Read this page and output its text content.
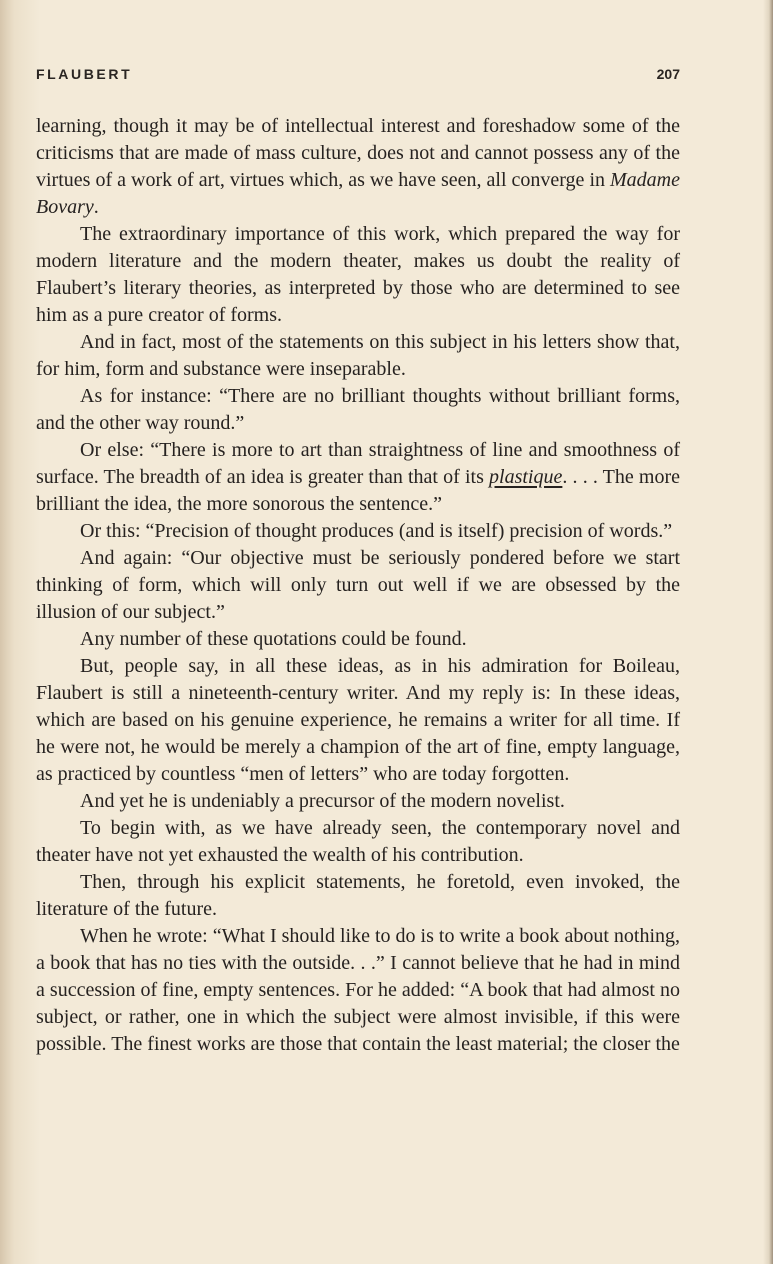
FLAUBERT	207

learning, though it may be of intellectual interest and foreshadow some of the criticisms that are made of mass culture, does not and cannot possess any of the virtues of a work of art, virtues which, as we have seen, all converge in Madame Bovary.

The extraordinary importance of this work, which prepared the way for modern literature and the modern theater, makes us doubt the reality of Flaubert’s literary theories, as interpreted by those who are determined to see him as a pure creator of forms.

And in fact, most of the statements on this subject in his letters show that, for him, form and substance were inseparable.

As for instance: “There are no brilliant thoughts without brilliant forms, and the other way round.”

Or else: “There is more to art than straightness of line and smoothness of surface. The breadth of an idea is greater than that of its plastique. . . . The more brilliant the idea, the more sonorous the sentence.”

Or this: “Precision of thought produces (and is itself) precision of words.”

And again: “Our objective must be seriously pondered before we start thinking of form, which will only turn out well if we are obsessed by the illusion of our subject.”

Any number of these quotations could be found.

But, people say, in all these ideas, as in his admiration for Boileau, Flaubert is still a nineteenth-century writer. And my reply is: In these ideas, which are based on his genuine experience, he remains a writer for all time. If he were not, he would be merely a champion of the art of fine, empty language, as practiced by countless “men of letters” who are today forgotten.

And yet he is undeniably a precursor of the modern novelist.

To begin with, as we have already seen, the contemporary novel and theater have not yet exhausted the wealth of his contribution.

Then, through his explicit statements, he foretold, even invoked, the literature of the future.

When he wrote: “What I should like to do is to write a book about nothing, a book that has no ties with the outside. . .” I cannot believe that he had in mind a succession of fine, empty sentences. For he added: “A book that had almost no subject, or rather, one in which the subject were almost invisible, if this were possible. The finest works are those that contain the least material; the closer the
